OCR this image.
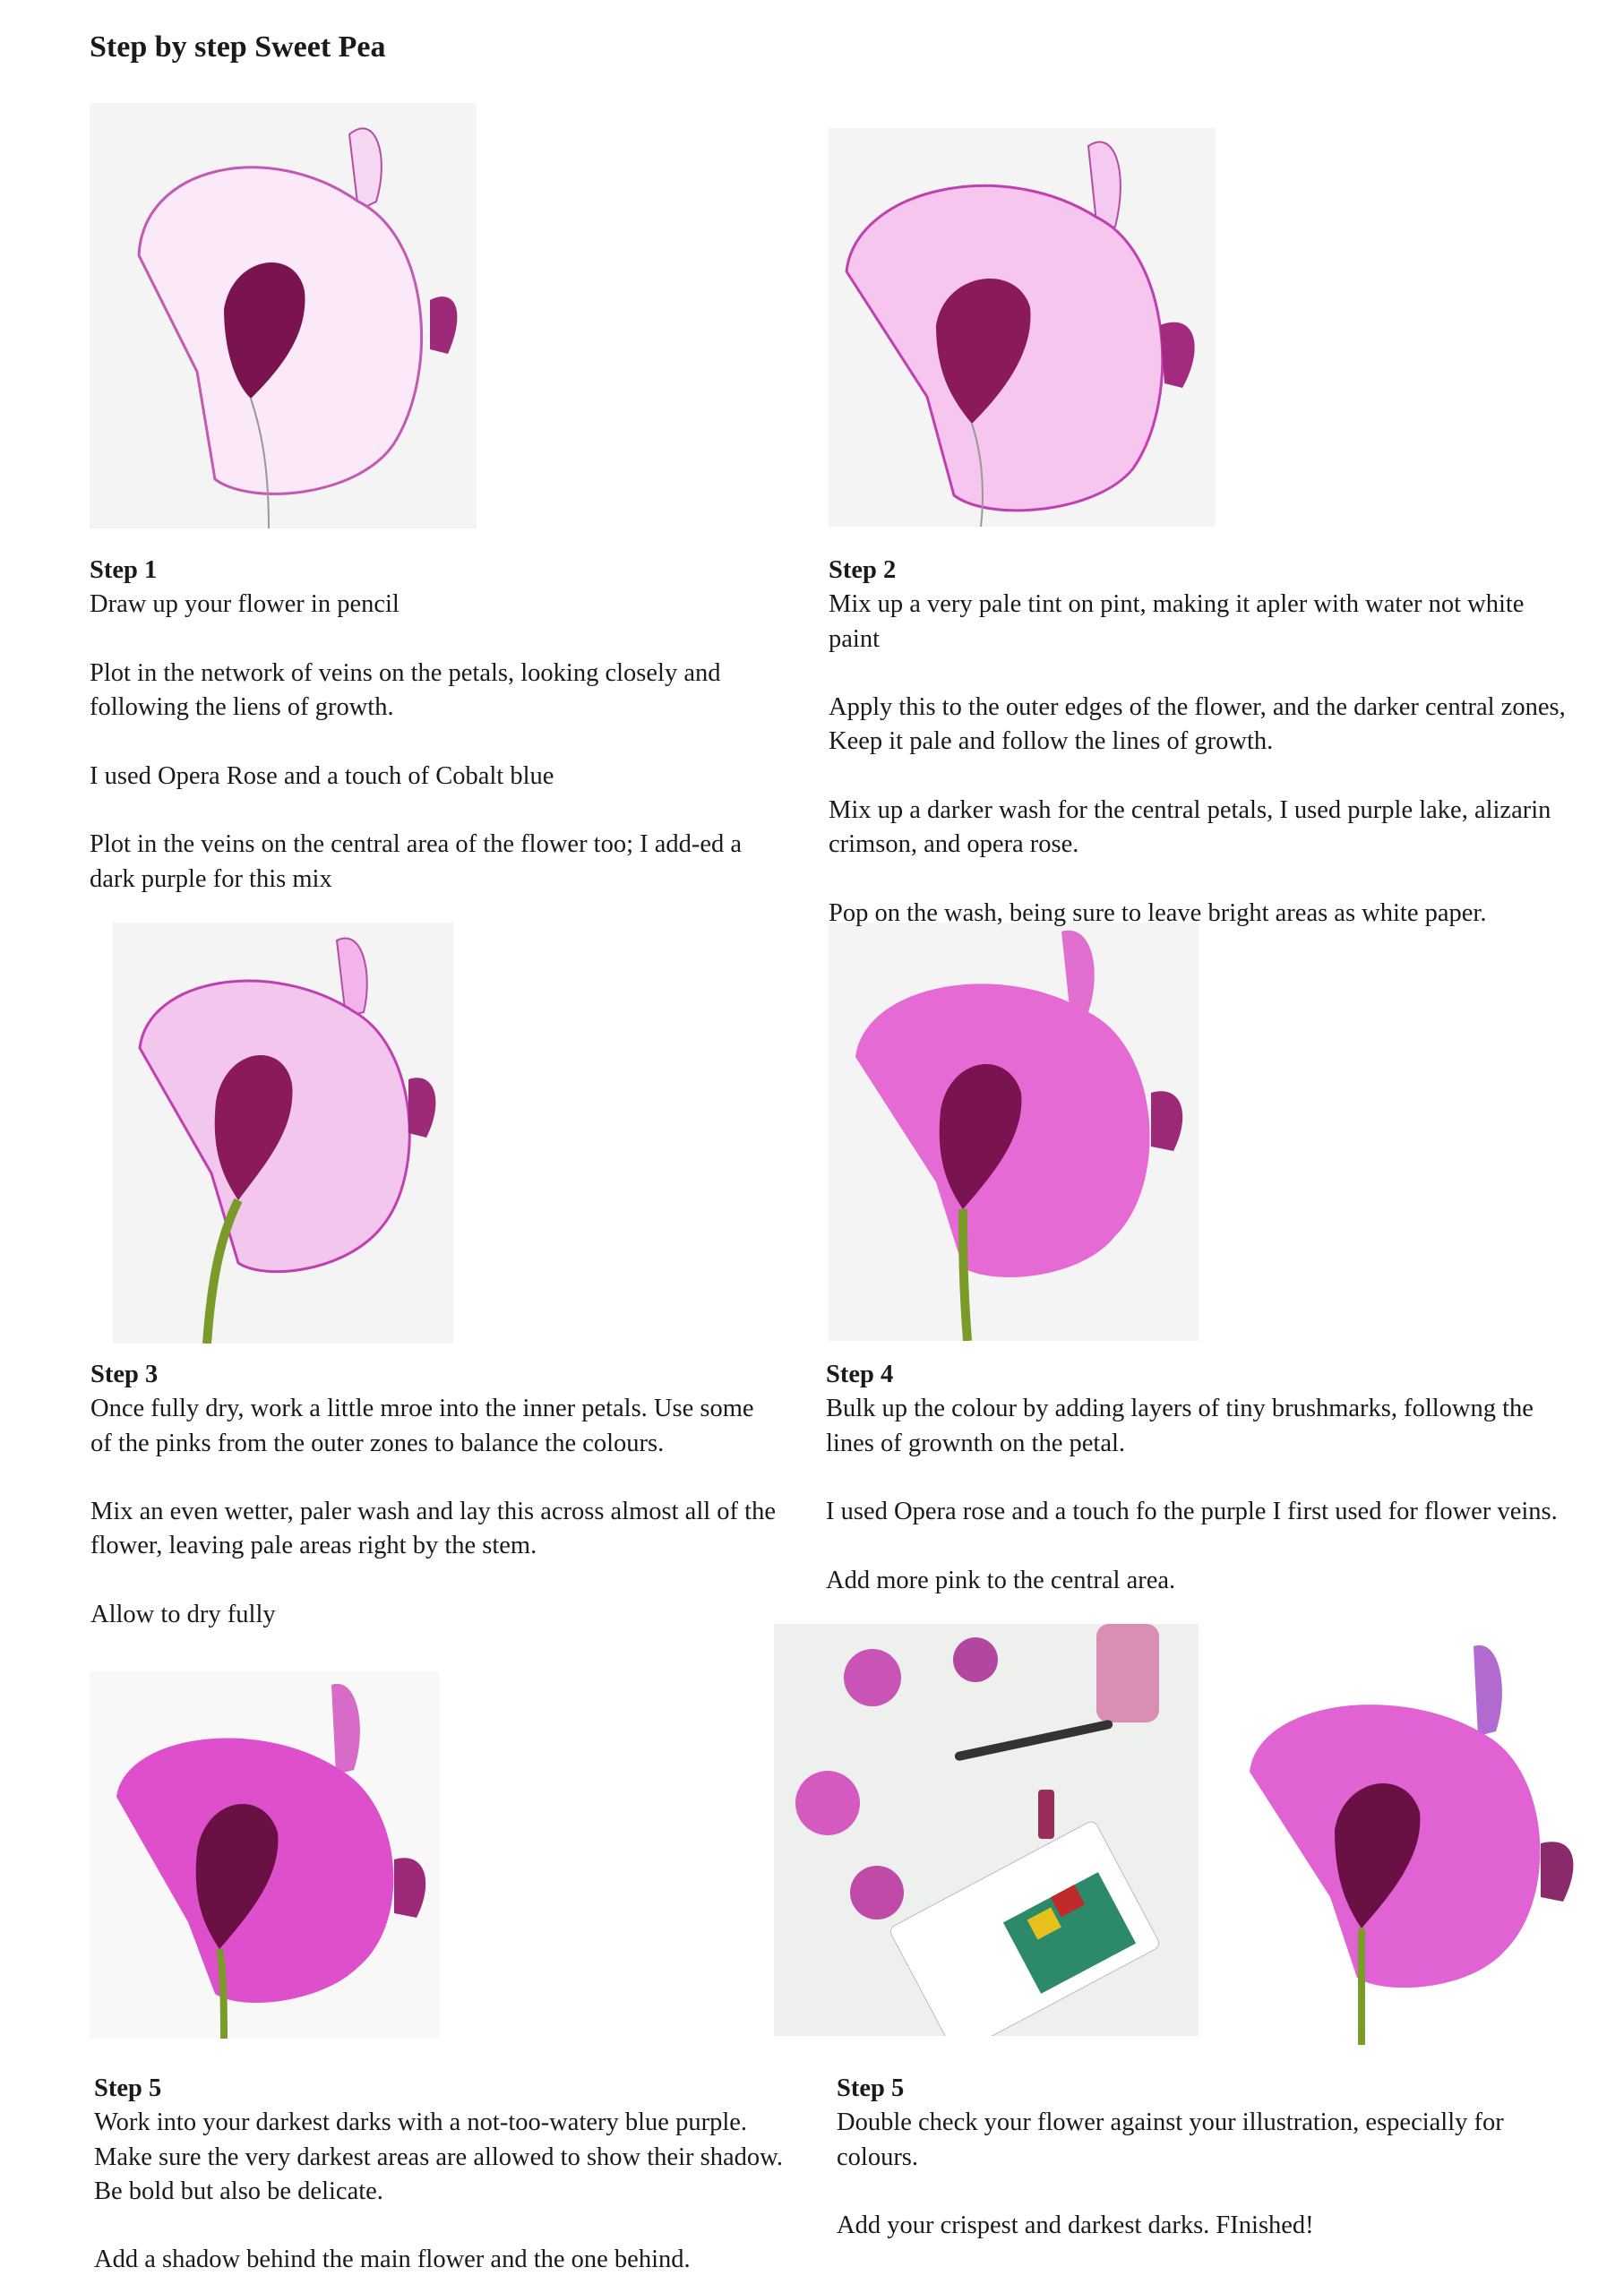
Step by step Sweet Pea
Step 1

Draw up your flower in pencil

Plot in the network of veins on the petals, looking closely and following the liens of growth.

I used Opera Rose and a touch of Cobalt blue

Plot in the veins on the central area of the flower too; I add-ed a dark purple for this mix

Step 2

Mix up a very pale tint on pint, making it apler with water not white paint

Apply this to the outer edges of the flower, and the darker central zones, Keep it pale and follow the lines of growth.

Mix up a darker wash for the central petals, I used purple lake, alizarin crimson, and opera rose.

Pop on the wash, being sure to leave bright areas as white paper.

Step 3

Once fully dry, work a little mroe into the inner petals. Use some of the pinks from the outer zones to balance the colours.

Mix an even wetter, paler wash and lay this across almost all of the flower, leaving pale areas right by the stem.

Allow to dry fully

Step 4

Bulk up the colour by adding layers of tiny brushmarks, followng the lines of grownth on the petal.

I used Opera rose and a touch fo the purple I first used for flower veins.

Add more pink to the central area.

Step 5

Work into your darkest darks with a not-too-watery blue purple. Make sure the very darkest areas are allowed to show their shadow. Be bold but also be delicate.

Add a shadow behind the main flower and the one behind.

Step 5

Double check your flower against your illustration, especially for colours.

Add your crispest and darkest darks. FInished!
